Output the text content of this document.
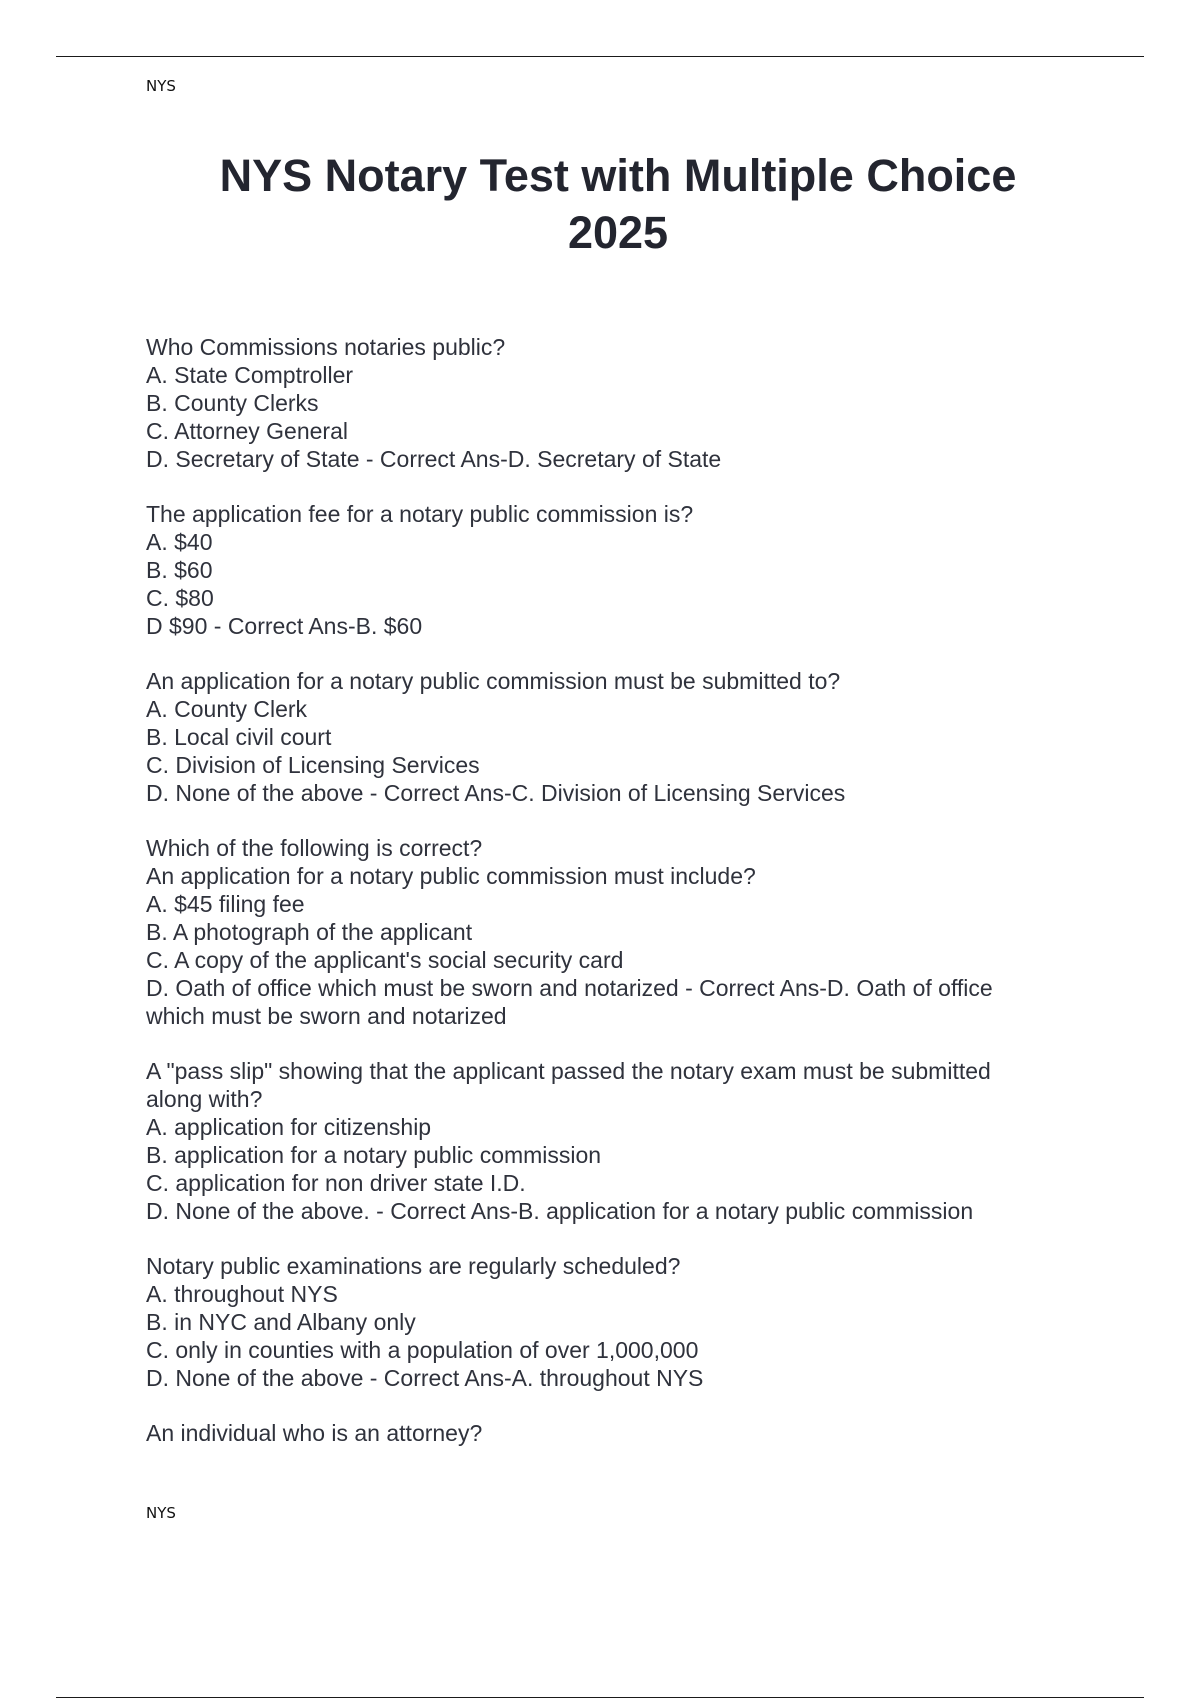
NYS
NYS Notary Test with Multiple Choice
2025
Who Commissions notaries public?
A. State Comptroller
B. County Clerks
C. Attorney General
D. Secretary of State - Correct Ans-D. Secretary of State
The application fee for a notary public commission is?
A. $40
B. $60
C. $80
D $90 - Correct Ans-B. $60
An application for a notary public commission must be submitted to?
A. County Clerk
B. Local civil court
C. Division of Licensing Services
D. None of the above - Correct Ans-C. Division of Licensing Services
Which of the following is correct?
An application for a notary public commission must include?
A. $45 filing fee
B. A photograph of the applicant
C. A copy of the applicant's social security card
D. Oath of office which must be sworn and notarized - Correct Ans-D. Oath of office
which must be sworn and notarized
A "pass slip" showing that the applicant passed the notary exam must be submitted
along with?
A. application for citizenship
B. application for a notary public commission
C. application for non driver state I.D.
D. None of the above. - Correct Ans-B. application for a notary public commission
Notary public examinations are regularly scheduled?
A. throughout NYS
B. in NYC and Albany only
C. only in counties with a population of over 1,000,000
D. None of the above - Correct Ans-A. throughout NYS
An individual who is an attorney?
NYS
